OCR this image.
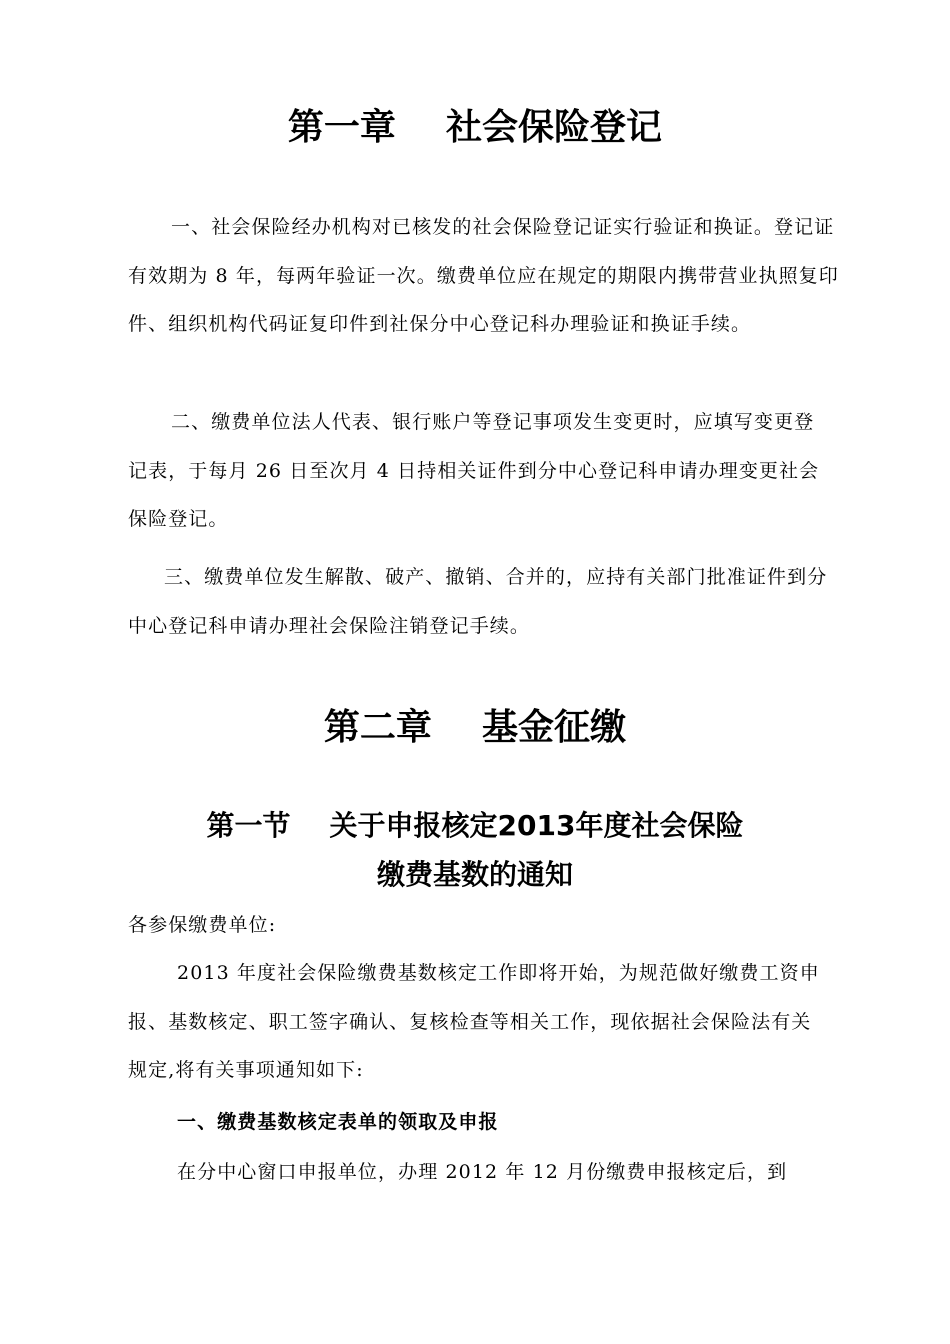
第一章    社会保险登记

一、社会保险经办机构对已核发的社会保险登记证实行验证和换证。登记证有效期为 8 年，每两年验证一次。缴费单位应在规定的期限内携带营业执照复印件、组织机构代码证复印件到社保分中心登记科办理验证和换证手续。

二、缴费单位法人代表、银行账户等登记事项发生变更时，应填写变更登记表，于每月 26 日至次月 4 日持相关证件到分中心登记科申请办理变更社会保险登记。

三、缴费单位发生解散、破产、撤销、合并的，应持有关部门批准证件到分中心登记科申请办理社会保险注销登记手续。

第二章    基金征缴
第一节    关于申报核定2013年度社会保险
缴费基数的通知

各参保缴费单位:

2013 年度社会保险缴费基数核定工作即将开始，为规范做好缴费工资申报、基数核定、职工签字确认、复核检查等相关工作，现依据社会保险法有关规定,将有关事项通知如下:

一、缴费基数核定表单的领取及申报

在分中心窗口申报单位，办理 2012 年 12 月份缴费申报核定后，到
